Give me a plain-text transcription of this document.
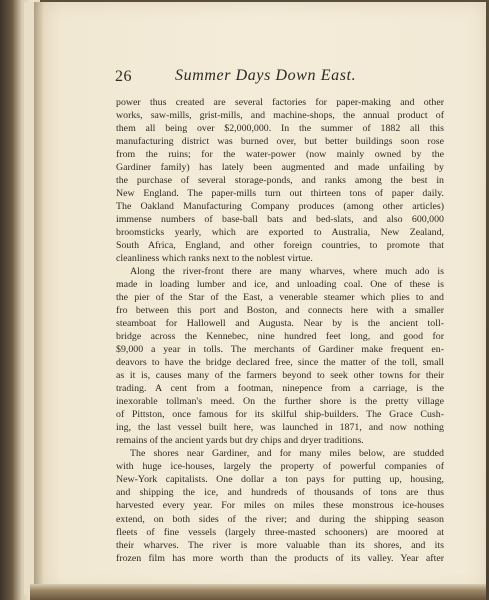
26	Summer Days Down East.
power thus created are several factories for paper-making and other
works, saw-mills, grist-mills, and machine-shops, the annual product of
them all being over $2,000,000. In the summer of 1882 all this
manufacturing district was burned over, but better buildings soon rose
from the ruins; for the water-power (now mainly owned by the
Gardiner family) has lately been augmented and made unfailing by
the purchase of several storage-ponds, and ranks among the best in
New England. The paper-mills turn out thirteen tons of paper daily.
The Oakland Manufacturing Company produces (among other articles)
immense numbers of base-ball bats and bed-slats, and also 600,000
broomsticks yearly, which are exported to Australia, New Zealand,
South Africa, England, and other foreign countries, to promote that
cleanliness which ranks next to the noblest virtue.
Along the river-front there are many wharves, where much ado is
made in loading lumber and ice, and unloading coal. One of these is
the pier of the Star of the East, a venerable steamer which plies to and
fro between this port and Boston, and connects here with a smaller
steamboat for Hallowell and Augusta. Near by is the ancient toll-
bridge across the Kennebec, nine hundred feet long, and good for
$9,000 a year in tolls. The merchants of Gardiner make frequent en-
deavors to have the bridge declared free, since the matter of the toll, small
as it is, causes many of the farmers beyond to seek other towns for their
trading. A cent from a footman, ninepence from a carriage, is the
inexorable tollman's meed. On the further shore is the pretty village
of Pittston, once famous for its skilful ship-builders. The Grace Cush-
ing, the last vessel built here, was launched in 1871, and now nothing
remains of the ancient yards but dry chips and dryer traditions.
The shores near Gardiner, and for many miles below, are studded
with huge ice-houses, largely the property of powerful companies of
New-York capitalists. One dollar a ton pays for putting up, housing,
and shipping the ice, and hundreds of thousands of tons are thus
harvested every year. For miles on miles these monstrous ice-houses
extend, on both sides of the river; and during the shipping season
fleets of fine vessels (largely three-masted schooners) are moored at
their wharves. The river is more valuable than its shores, and its
frozen film has more worth than the products of its valley. Year after
